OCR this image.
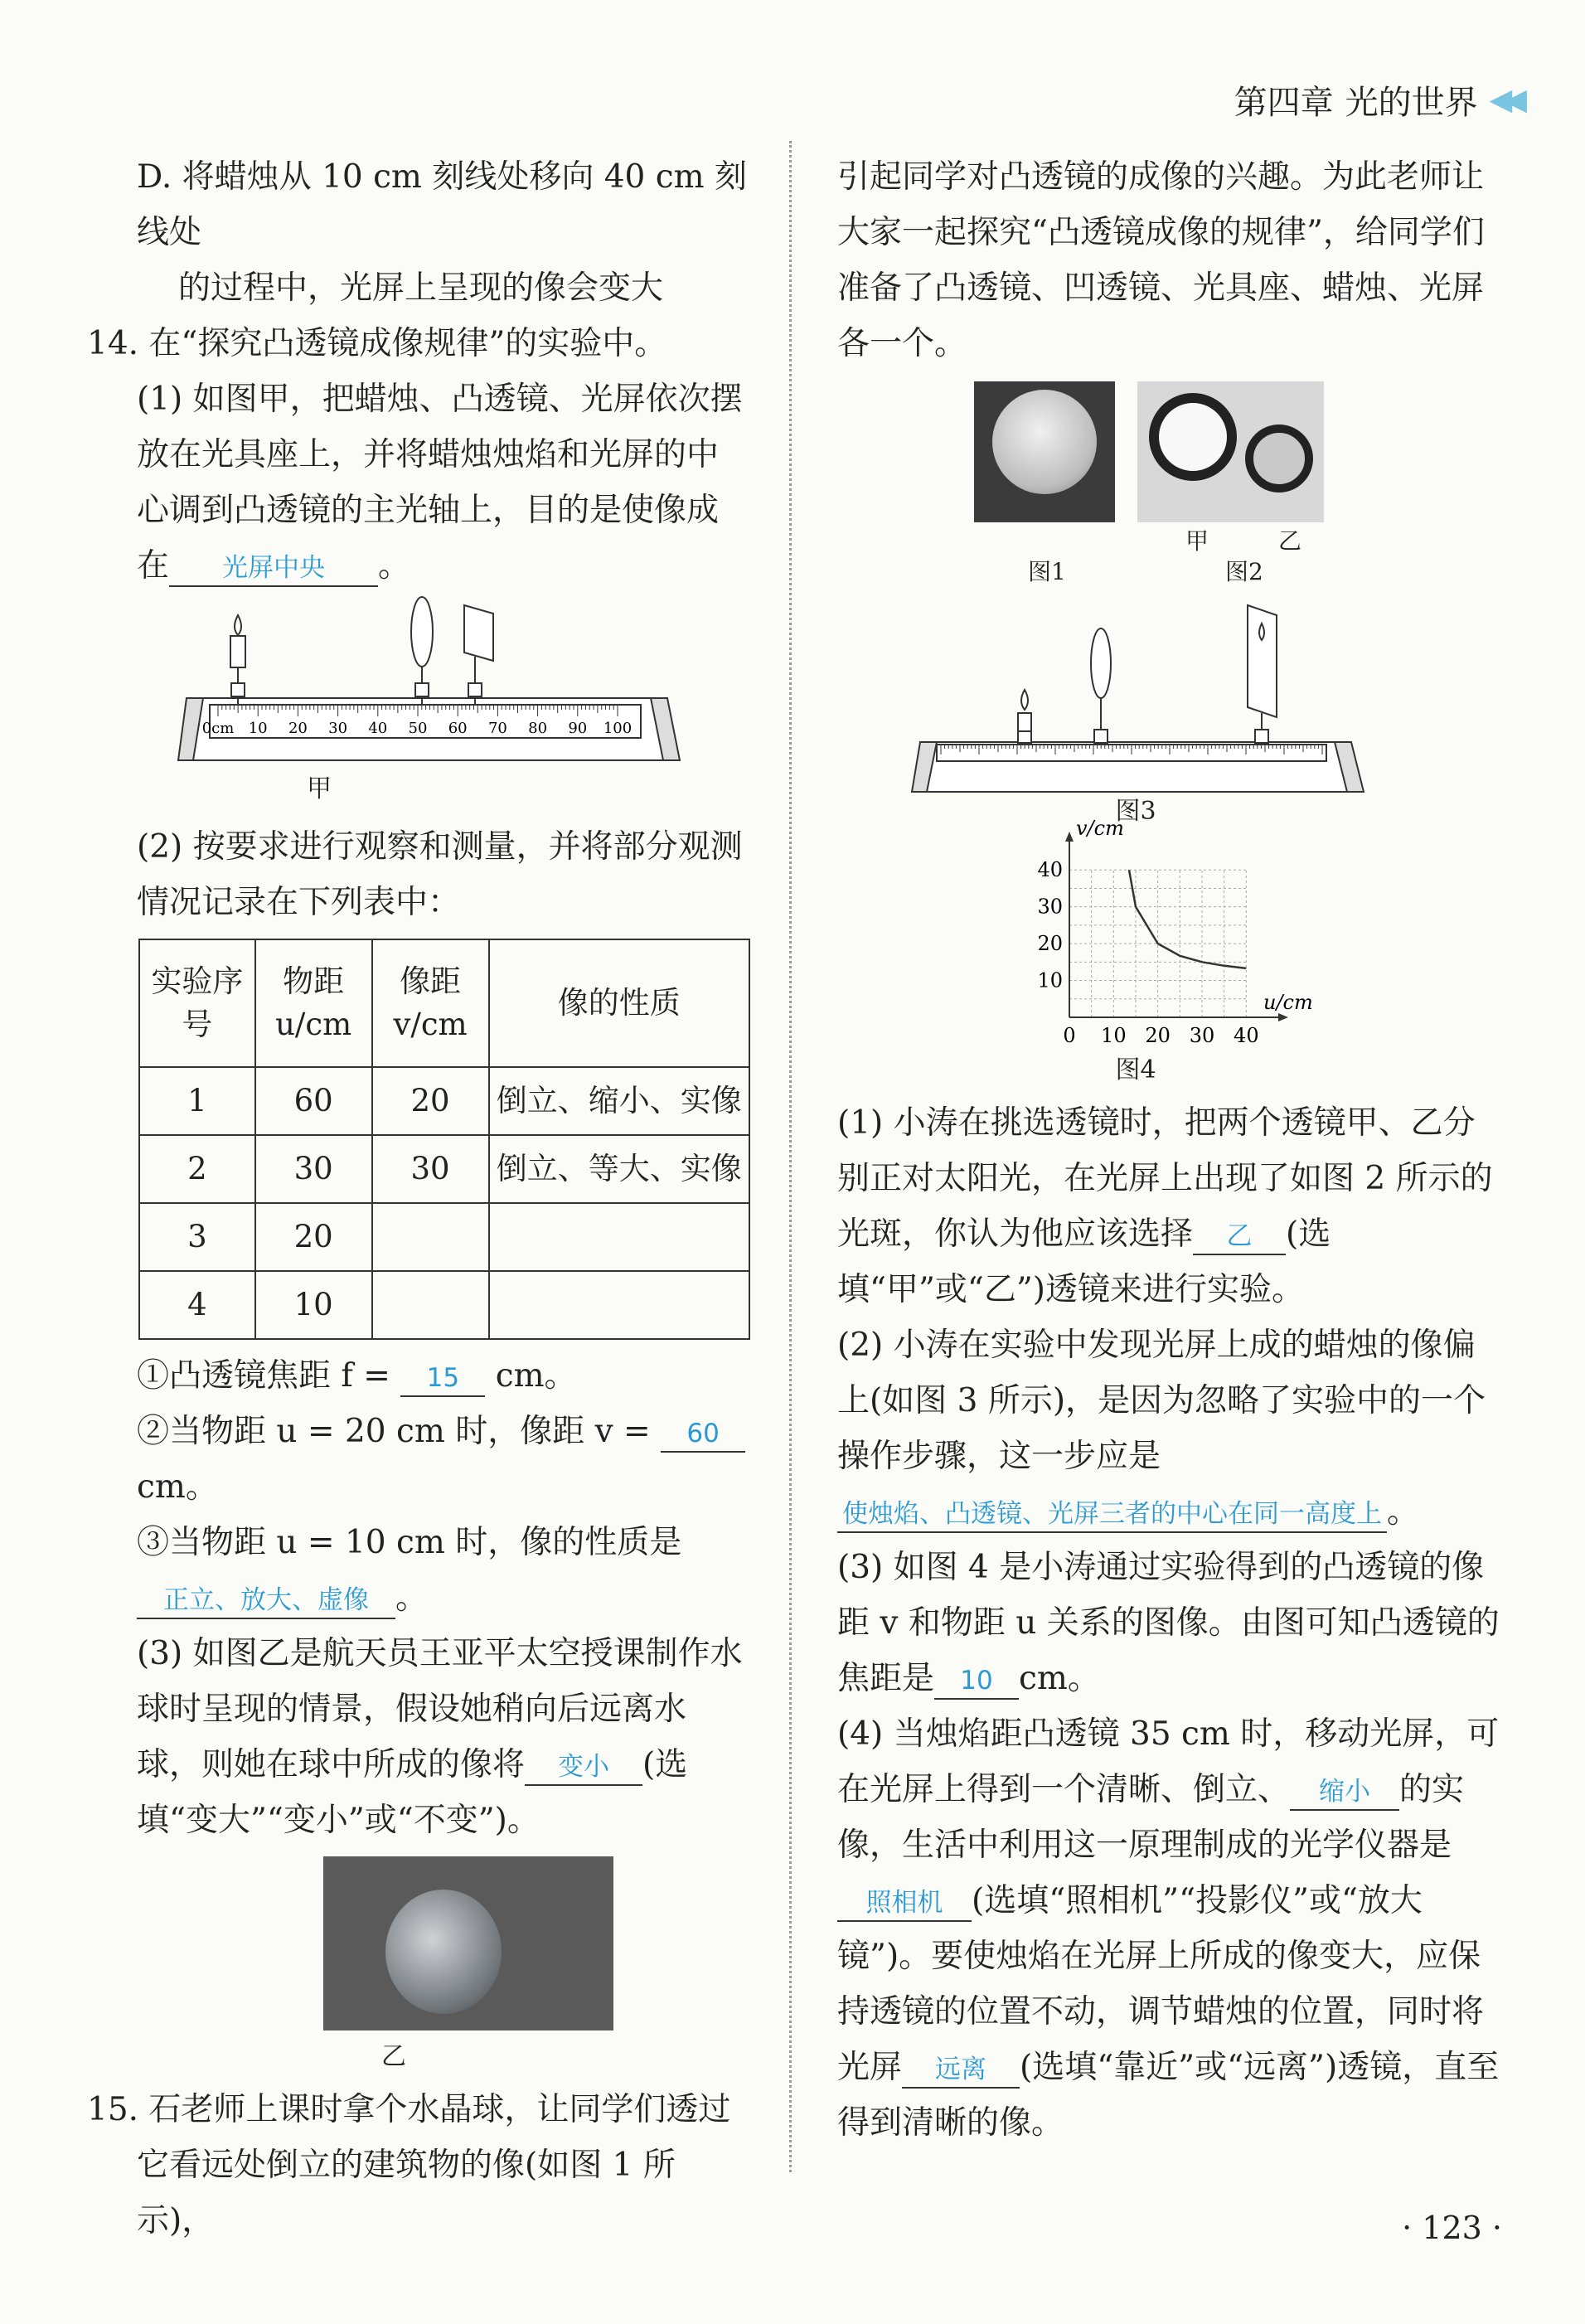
第四章 光的世界 ◀◀

D. 将蜡烛从 10 cm 刻线处移向 40 cm 刻线处

的过程中，光屏上呈现的像会变大

14. 在“探究凸透镜成像规律”的实验中。

(1) 如图甲，把蜡烛、凸透镜、光屏依次摆放在光具座上，并将蜡烛烛焰和光屏的中心调到凸透镜的主光轴上，目的是使像成在 光屏中央 。

0cm 10 20 30 40 50 60 70 80 90 100
甲

(2) 按要求进行观察和测量，并将部分观测情况记录在下列表中：

实验序号	物距u/cm	像距v/cm	像的性质
1	60	20	倒立、缩小、实像
2	30	30	倒立、等大、实像
3	20		
4	10		

①凸透镜焦距 f = 15 cm。

②当物距 u = 20 cm 时，像距 v = 60 cm。

③当物距 u = 10 cm 时，像的性质是正立、放大、虚像 。

(3) 如图乙是航天员王亚平太空授课制作水球时呈现的情景，假设她稍向后远离水球，则她在球中所成的像将 变小 (选填“变大”“变小”或“不变”)。

乙

15. 石老师上课时拿个水晶球，让同学们透过它看远处倒立的建筑物的像(如图 1 所示)，

引起同学对凸透镜的成像的兴趣。为此老师让大家一起探究“凸透镜成像的规律”，给同学们准备了凸透镜、凹透镜、光具座、蜡烛、光屏各一个。

甲	乙
图1	图2
图3
0 10 20 30 40
10
20
30
40
v/cm
u/cm
图4

(1) 小涛在挑选透镜时，把两个透镜甲、乙分别正对太阳光，在光屏上出现了如图 2 所示的光斑，你认为他应该选择 乙 (选填“甲”或“乙”)透镜来进行实验。

(2) 小涛在实验中发现光屏上成的蜡烛的像偏上(如图 3 所示)，是因为忽略了实验中的一个操作步骤，这一步应是使烛焰、凸透镜、光屏三者的中心在同一高度上 。

(3) 如图 4 是小涛通过实验得到的凸透镜的像距 v 和物距 u 关系的图像。由图可知凸透镜的焦距是 10 cm。

(4) 当烛焰距凸透镜 35 cm 时，移动光屏，可在光屏上得到一个清晰、倒立、 缩小 的实像，生活中利用这一原理制成的光学仪器是照相机 (选填“照相机”“投影仪”或“放大镜”)。要使烛焰在光屏上所成的像变大，应保持透镜的位置不动，调节蜡烛的位置，同时将光屏 远离 (选填“靠近”或“远离”)透镜，直至得到清晰的像。

· 123 ·
